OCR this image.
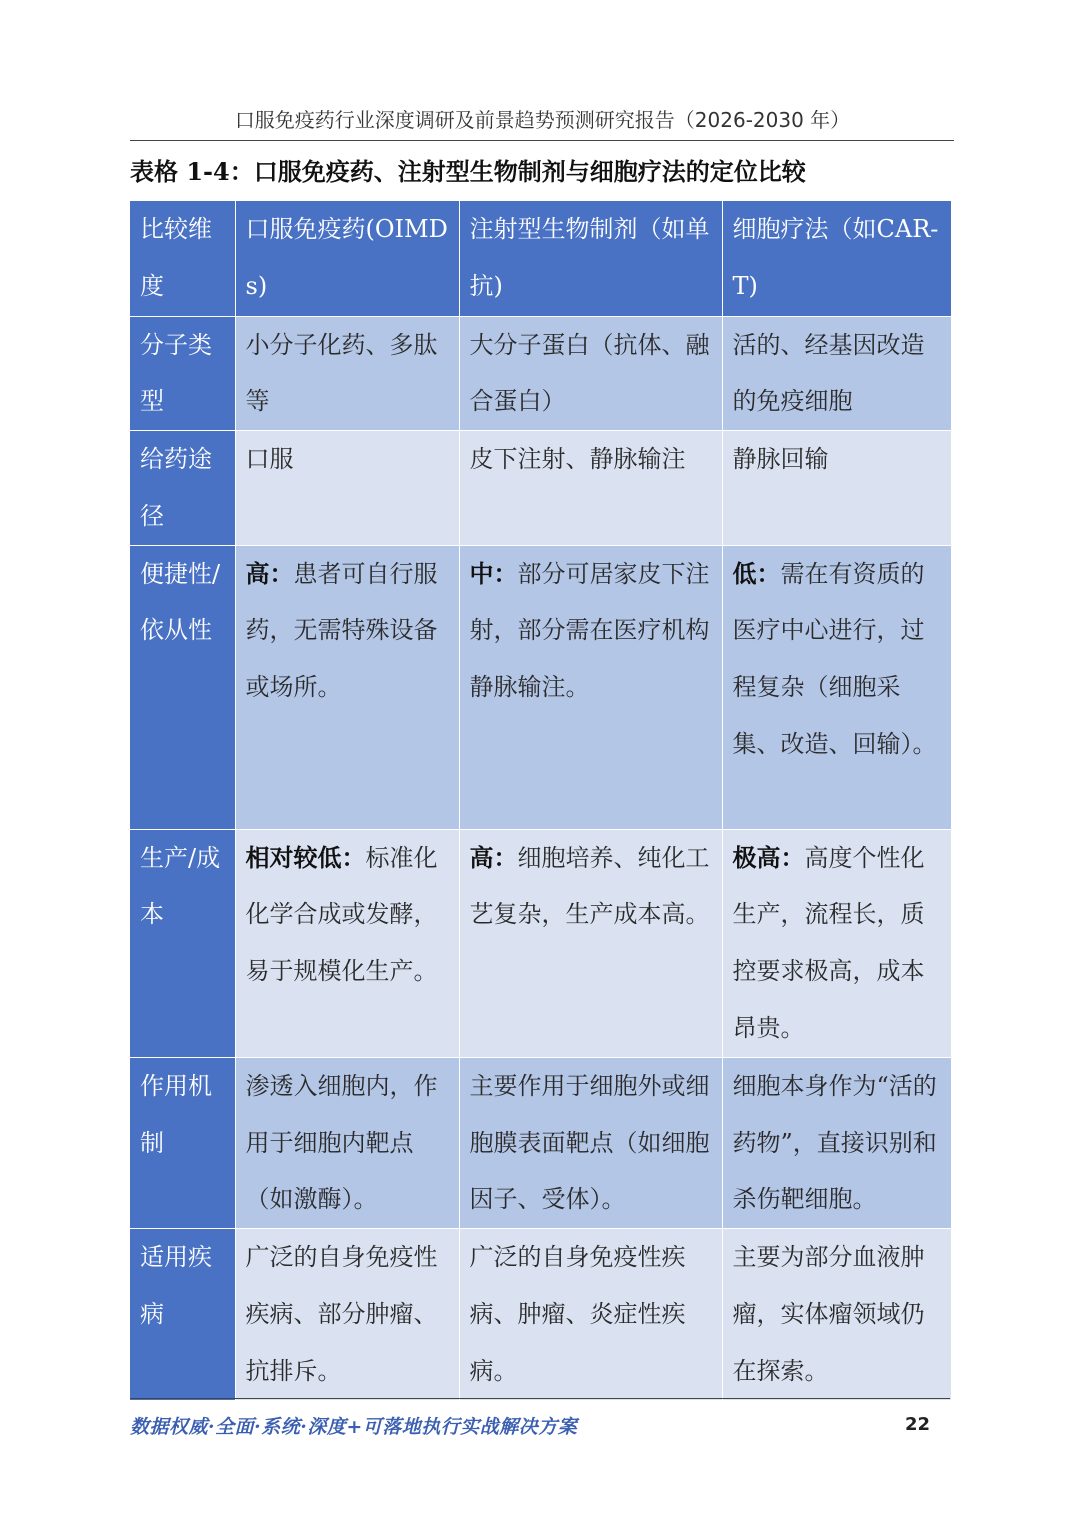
口服免疫药行业深度调研及前景趋势预测研究报告（2026-2030 年）
表格 1-4：口服免疫药、注射型生物制剂与细胞疗法的定位比较
比较维度	口服免疫药(OIMDs)	注射型生物制剂（如单抗)	细胞疗法（如CAR-T)
分子类型	小分子化药、多肽等	大分子蛋白（抗体、融合蛋白）	活的、经基因改造的免疫细胞
给药途径	口服	皮下注射、静脉输注	静脉回输
便捷性/依从性	高：患者可自行服药，无需特殊设备或场所。	中：部分可居家皮下注射，部分需在医疗机构静脉输注。	低：需在有资质的医疗中心进行，过程复杂（细胞采集、改造、回输）。
生产/成本	相对较低：标准化化学合成或发酵，易于规模化生产。	高：细胞培养、纯化工艺复杂，生产成本高。	极高：高度个性化生产，流程长，质控要求极高，成本昂贵。
作用机制	渗透入细胞内，作用于细胞内靶点（如激酶）。	主要作用于细胞外或细胞膜表面靶点（如细胞因子、受体）。	细胞本身作为“活的药物”，直接识别和杀伤靶细胞。
适用疾病	广泛的自身免疫性疾病、部分肿瘤、抗排斥。	广泛的自身免疫性疾病、肿瘤、炎症性疾病。	主要为部分血液肿瘤，实体瘤领域仍在探索。
数据权威·全面·系统·深度+可落地执行实战解决方案	22
